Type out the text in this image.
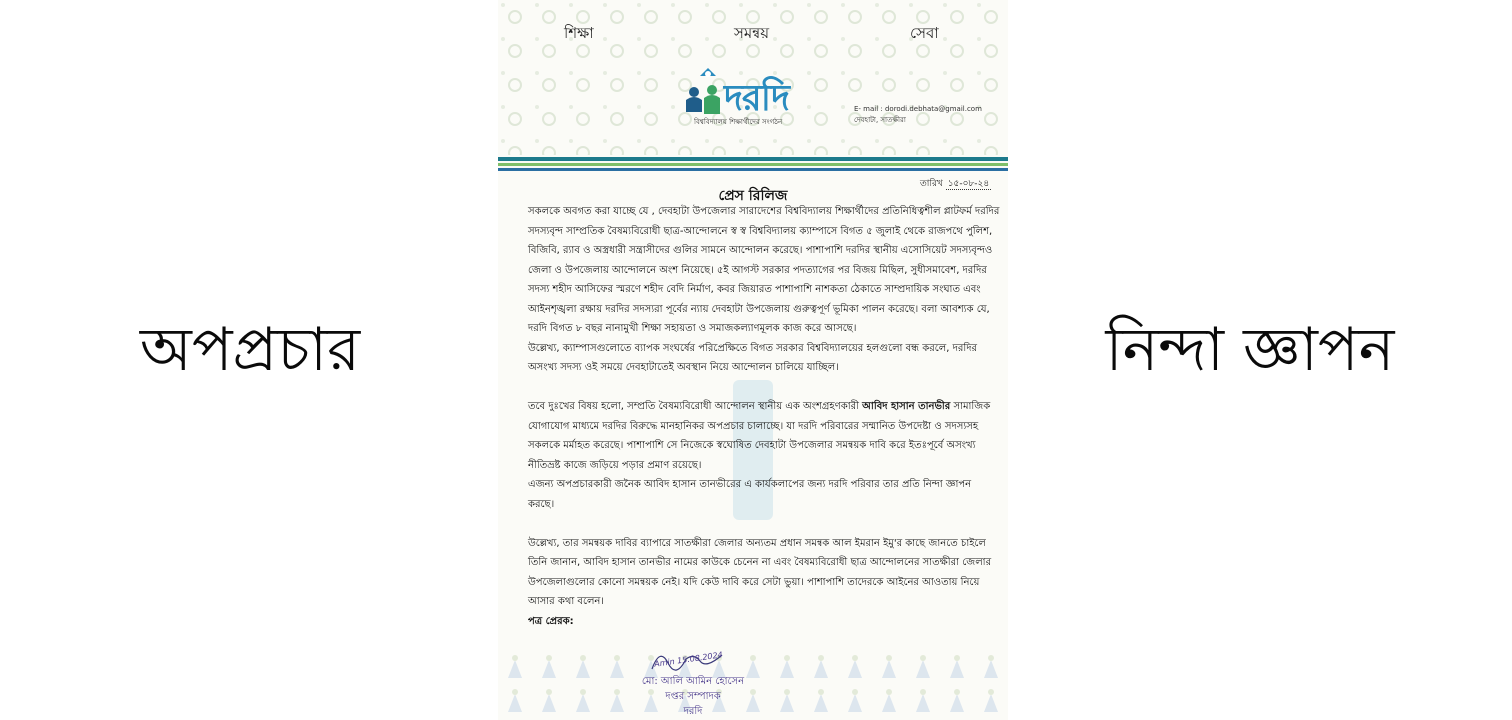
অপপ্রচার	নিন্দা জ্ঞাপন
শিক্ষা	সমন্বয়	সেবা
দরদি
বিশ্ববিদ্যালয় শিক্ষার্থীদের সংগঠন
E- mail : dorodi.debhata@gmail.com
দেবহাটা, সাতক্ষীরা
তারিখ ১৫-০৮-২৪
প্রেস রিলিজ

সকলকে অবগত করা যাচ্ছে যে , দেবহাটা উপজেলার সারাদেশের বিশ্ববিদ্যালয় শিক্ষার্থীদের প্রতিনিধিত্বশীল প্লাটফর্ম দরদির সদস্যবৃন্দ সাম্প্রতিক বৈষম্যবিরোধী ছাত্র-আন্দোলনে স্ব স্ব বিশ্ববিদ্যালয় ক্যাম্পাসে বিগত ৫ জুলাই থেকে রাজপথে পুলিশ, বিজিবি, র‍্যাব ও অস্ত্রধারী সন্ত্রাসীদের গুলির সামনে আন্দোলন করেছে। পাশাপাশি দরদির স্থানীয় এসোসিয়েট সদস্যবৃন্দও জেলা ও উপজেলায় আন্দোলনে অংশ নিয়েছে। ৫ই আগস্ট সরকার পদত্যাগের পর বিজয় মিছিল, সুধীসমাবেশ, দরদির সদস্য শহীদ আসিফের স্মরণে শহীদ বেদি নির্মাণ, কবর জিয়ারত পাশাপাশি নাশকতা ঠেকাতে সাম্প্রদায়িক সংঘাত এবং আইনশৃঙ্খলা রক্ষায় দরদির সদস্যরা পূর্বের ন্যায় দেবহাটা উপজেলায় গুরুত্বপূর্ণ ভূমিকা পালন করেছে। বলা আবশ্যক যে, দরদি বিগত ৮ বছর নানামুখী শিক্ষা সহায়তা ও সমাজকল্যাণমূলক কাজ করে আসছে।

উল্লেখ্য, ক্যাম্পাসগুলোতে ব্যাপক সংঘর্ষের পরিপ্রেক্ষিতে বিগত সরকার বিশ্ববিদ্যালয়ের হলগুলো বন্ধ করলে, দরদির অসংখ্য সদস্য ওই সময়ে দেবহাটাতেই অবস্থান নিয়ে আন্দোলন চালিয়ে যাচ্ছিল।

তবে দুঃখের বিষয় হলো, সম্প্রতি বৈষম্যবিরোধী আন্দোলন স্থানীয় এক অংশগ্রহণকারী আবিদ হাসান তানভীর সামাজিক যোগাযোগ মাধ্যমে দরদির বিরুদ্ধে মানহানিকর অপপ্রচার চালাচ্ছে। যা দরদি পরিবারের সম্মানিত উপদেষ্টা ও সদস্যসহ সকলকে মর্মাহত করেছে। পাশাপাশি সে নিজেকে স্বঘোষিত দেবহাটা উপজেলার সমন্বয়ক দাবি করে ইতঃপূর্বে অসংখ্য নীতিভ্রষ্ট কাজে জড়িয়ে পড়ার প্রমাণ রয়েছে।

এজন্য অপপ্রচারকারী জনৈক আবিদ হাসান তানভীরের এ কার্যকলাপের জন্য দরদি পরিবার তার প্রতি নিন্দা জ্ঞাপন করছে।

উল্লেখ্য, তার সমন্বয়ক দাবির ব্যাপারে সাতক্ষীরা জেলার অন্যতম প্রধান সমন্বক আল ইমরান ইমু'র কাছে জানতে চাইলে তিনি জানান, আবিদ হাসান তানভীর নামের কাউকে চেনেন না এবং বৈষম্যবিরোধী ছাত্র আন্দোলনের সাতক্ষীরা জেলার উপজেলাগুলোর কোনো সমন্বয়ক নেই। যদি কেউ দাবি করে সেটা ভুয়া। পাশাপাশি তাদেরকে আইনের আওতায় নিয়ে আসার কথা বলেন।

পত্র প্রেরক:

Amin 15.08.2024
মো: আলি আমিন হোসেন
দপ্তর সম্পাদক
দরদি
